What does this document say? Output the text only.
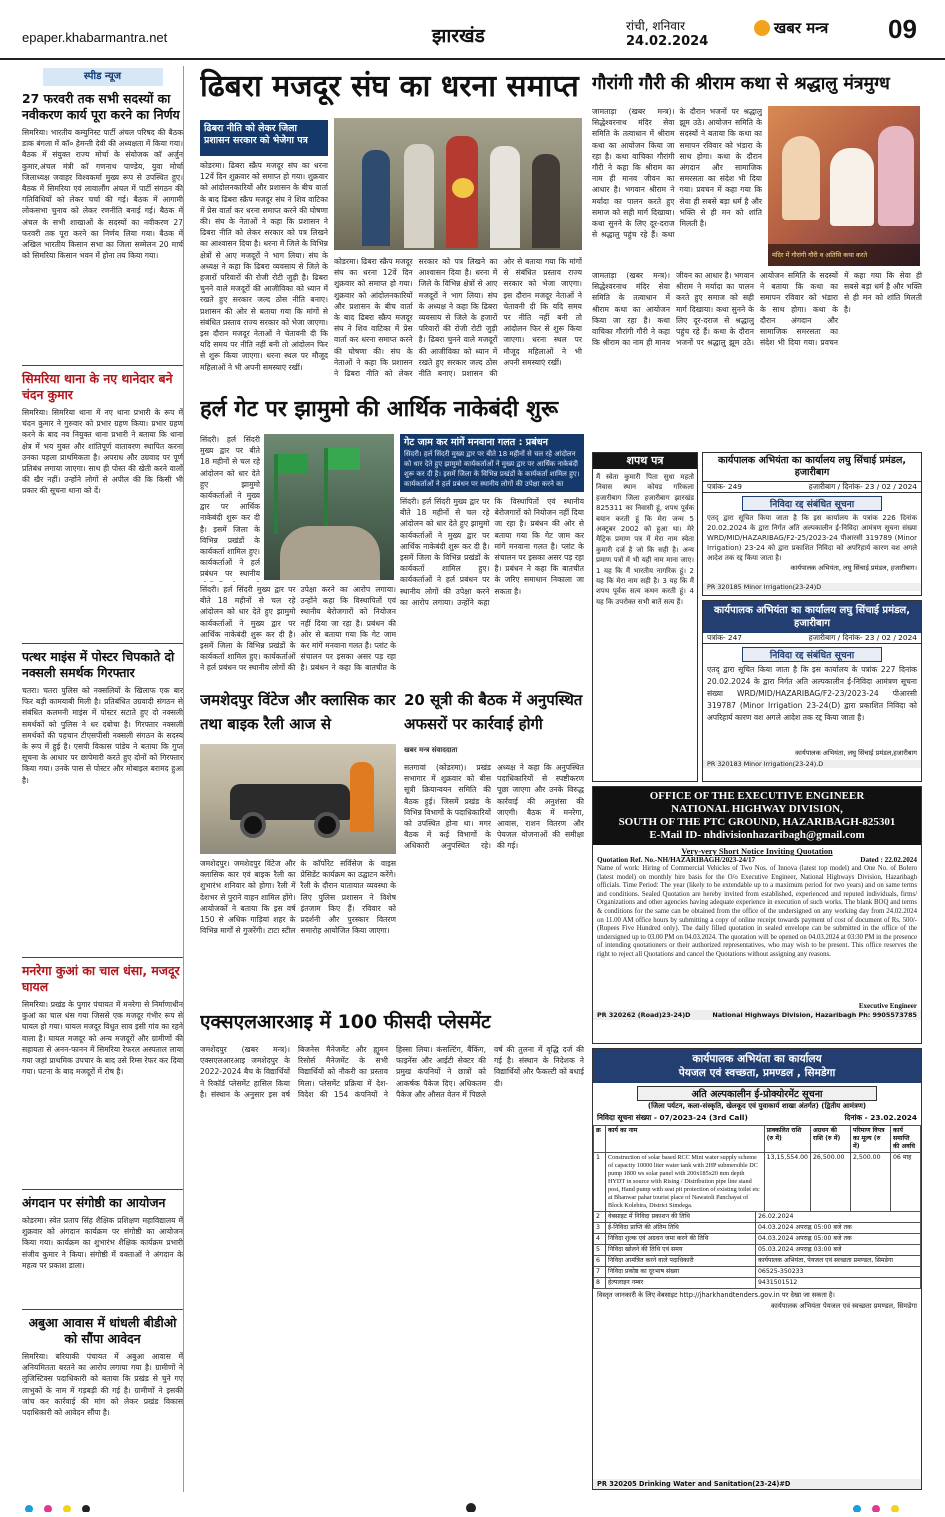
epaper.khabarmantra.net	झारखंड	रांची, शनिवार
24.02.2024
खबर मन्त्र 09
स्पीड न्यूज
27 फरवरी तक सभी सदस्यों का नवीकरण कार्य पूरा करने का निर्णय
सिमरिया। भारतीय कम्युनिस्ट पार्टी अंचल परिषद की बैठक डाक बंगला में कॉ० हेमन्ती देवी की अध्यक्षता में किया गया। बैठक में संयुक्त राज्य मोर्चा के संयोजक कॉ अर्जुन कुमार,अंचल मंत्री कॉ गणनाथ पाण्डेय, युवा मोर्चा जिलाध्यक्ष जवाहर विश्वकर्मा मुख्य रूप से उपस्थित हुए। बैठक में सिमरिया एवं लावालौंग अंचल में पार्टी संगठन की गतिविधियों को लेकर चर्चा की गई। बैठक में आगामी लोकसभा चुनाव को लेकर रणनीति बनाई गई। बैठक में अंचल के सभी शाखाओं के सदस्यों का नवीकरण 27 फरवरी तक पूरा करने का निर्णय लिया गया। बैठक में अखिल भारतीय किसान सभा का जिला सम्मेलन 20 मार्च को सिमरिया किसान भवन में होना तय किया गया।
सिमरिया थाना के नए थानेदार बने चंदन कुमार
सिमरिया। सिमरिया थाना में नए थाना प्रभारी के रूप में चंदन कुमार ने गुरुवार को प्रभार ग्रहण किया। प्रभार ग्रहण करने के बाद नव नियुक्त थाना प्रभारी ने बताया कि थाना क्षेत्र में भय मुक्त और शांतिपूर्ण वातावरण स्थापित करना उनका पहला प्राथमिकता है। अपराध और उग्रवाद पर पूर्ण प्रतिबंध लगाया जाएगा। साथ ही पोस्त की खेती करने वालों की खैर नहीं। उन्होंने लोगों से अपील की कि किसी भी प्रकार की सूचना थाना को दें।
पत्थर माइंस में पोस्टर चिपकाते दो नक्सली समर्थक गिरफ्तार
चतरा। चतरा पुलिस को नक्सलियों के खिलाफ एक बार फिर बड़ी कामयाबी मिली है। प्रतिबंधित उग्रवादी संगठन से संबंधित कलमनी माइंस में पोस्टर सटाते हुए दो नक्सली समर्थकों को पुलिस ने धर दबोचा है। गिरफ्तार नक्सली समर्थकों की पहचान टीएसपीसी नक्सली संगठन के सदस्य के रूप में हुई है। एसपी विकास पांडेय ने बताया कि गुप्त सूचना के आधार पर छापेमारी करते हुए दोनों को गिरफ्तार किया गया। उनके पास से पोस्टर और मोबाइल बरामद हुआ है।
मनरेगा कुआं का चाल धंसा, मजदूर घायल
सिमरिया। प्रखंड के पुगार पंचायत में मनरेगा से निर्माणाधीन कुआं का चाल धंस गया जिससे एक मजदूर गंभीर रूप से घायल हो गया। घायल मजदूर विधुत साव इसी गांव का रहने वाला है। घायल मजदूर को अन्य मजदूरों और ग्रामीणों की सहायता से अनन-फानन में सिमरिया रेफरल अस्पताल लाया गया जहां प्राथमिक उपचार के बाद उसे रिम्स रेफर कर दिया गया। घटना के बाद मजदूरों में रोष है।
अंगदान पर संगोष्ठी का आयोजन
कोडरमा। स्वेत प्रताप सिंह शैक्षिक प्रशिक्षण महाविद्यालय में शुक्रवार को अंगदान कार्यक्रम पर संगोष्ठी का आयोजन किया गया। कार्यक्रम का शुभारंभ शैक्षिक कार्यक्रम प्रभारी संजीव कुमार ने किया। संगोष्ठी में वक्ताओं ने अंगदान के महत्व पर प्रकाश डाला।
अबुआ आवास में धांधली बीडीओ को सौंपा आवेदन
सिमरिया। बरियाकी पंचायत में अबुआ आवास में अनियमितता बरतने का आरोप लगाया गया है। ग्रामीणों ने लुजिस्टिक्स पदाधिकारी को बताया कि प्रखंड से चुने गए लाभुकों के नाम में गड़बड़ी की गई है। ग्रामीणों ने इसकी जांच कर कार्रवाई की मांग को लेकर प्रखंड विकास पदाधिकारी को आवेदन सौंपा है।
ढिबरा मजदूर संघ का धरना समाप्त
ढिबरा नीति को लेकर जिला प्रशासन सरकार को भेजेगा पत्र
कोडरमा। ढिबरा स्क्रैप मजदूर संघ का धरना 12वें दिन शुक्रवार को समाप्त हो गया। शुक्रवार को आंदोलनकारियों और प्रशासन के बीच वार्ता के बाद ढिबरा स्क्रैप मजदूर संघ ने शिव वाटिका में प्रेस वार्ता कर धरना समाप्त करने की घोषणा की। संघ के नेताओं ने कहा कि प्रशासन ने ढिबरा नीति को लेकर सरकार को पत्र लिखने का आश्वासन दिया है। धरना में जिले के विभिन्न क्षेत्रों से आए मजदूरों ने भाग लिया। संघ के अध्यक्ष ने कहा कि ढिबरा व्यवसाय से जिले के हजारों परिवारों की रोजी रोटी जुड़ी है। ढिबरा चुनने वाले मजदूरों की आजीविका को ध्यान में रखते हुए सरकार जल्द ठोस नीति बनाए। प्रशासन की ओर से बताया गया कि मांगों से संबंधित प्रस्ताव राज्य सरकार को भेजा जाएगा। इस दौरान मजदूर नेताओं ने चेतावनी दी कि यदि समय पर नीति नहीं बनी तो आंदोलन फिर से शुरू किया जाएगा। धरना स्थल पर मौजूद महिलाओं ने भी अपनी समस्याएं रखीं।
कोडरमा। ढिबरा स्क्रैप मजदूर संघ का धरना 12वें दिन शुक्रवार को समाप्त हो गया। शुक्रवार को आंदोलनकारियों और प्रशासन के बीच वार्ता के बाद ढिबरा स्क्रैप मजदूर संघ ने शिव वाटिका में प्रेस वार्ता कर धरना समाप्त करने की घोषणा की। संघ के नेताओं ने कहा कि प्रशासन ने ढिबरा नीति को लेकर सरकार को पत्र लिखने का आश्वासन दिया है। धरना में जिले के विभिन्न क्षेत्रों से आए मजदूरों ने भाग लिया। संघ के अध्यक्ष ने कहा कि ढिबरा व्यवसाय से जिले के हजारों परिवारों की रोजी रोटी जुड़ी है। ढिबरा चुनने वाले मजदूरों की आजीविका को ध्यान में रखते हुए सरकार जल्द ठोस नीति बनाए। प्रशासन की ओर से बताया गया कि मांगों से संबंधित प्रस्ताव राज्य सरकार को भेजा जाएगा। इस दौरान मजदूर नेताओं ने चेतावनी दी कि यदि समय पर नीति नहीं बनी तो आंदोलन फिर से शुरू किया जाएगा। धरना स्थल पर मौजूद महिलाओं ने भी अपनी समस्याएं रखीं।
गौरांगी गौरी की श्रीराम कथा से श्रद्धालु मंत्रमुग्ध
जामताड़ा (खबर मन्त्र)। सिद्धेश्वरनाथ मंदिर सेवा समिति के तत्वाधान में श्रीराम कथा का आयोजन किया जा रहा है। कथा वाचिका गौरांगी गौरी ने कहा कि श्रीराम का नाम ही मानव जीवन का आधार है। भगवान श्रीराम ने मर्यादा का पालन करते हुए समाज को सही मार्ग दिखाया। कथा सुनने के लिए दूर-दराज से श्रद्धालु पहुंच रहे हैं। कथा के दौरान भजनों पर श्रद्धालु झूम उठे। आयोजन समिति के सदस्यों ने बताया कि कथा का समापन रविवार को भंडारा के साथ होगा। कथा के दौरान अंगदान और सामाजिक समरसता का संदेश भी दिया गया। प्रवचन में कहा गया कि सेवा ही सबसे बड़ा धर्म है और भक्ति से ही मन को शांति मिलती है।
मंदिर में गौरांगी गौरी व अतिथि कथा करते
जामताड़ा (खबर मन्त्र)। सिद्धेश्वरनाथ मंदिर सेवा समिति के तत्वाधान में श्रीराम कथा का आयोजन किया जा रहा है। कथा वाचिका गौरांगी गौरी ने कहा कि श्रीराम का नाम ही मानव जीवन का आधार है। भगवान श्रीराम ने मर्यादा का पालन करते हुए समाज को सही मार्ग दिखाया। कथा सुनने के लिए दूर-दराज से श्रद्धालु पहुंच रहे हैं। कथा के दौरान भजनों पर श्रद्धालु झूम उठे। आयोजन समिति के सदस्यों ने बताया कि कथा का समापन रविवार को भंडारा के साथ होगा। कथा के दौरान अंगदान और सामाजिक समरसता का संदेश भी दिया गया। प्रवचन में कहा गया कि सेवा ही सबसे बड़ा धर्म है और भक्ति से ही मन को शांति मिलती है।
हर्ल गेट पर झामुमो की आर्थिक नाकेबंदी शुरू
सिंदरी। हर्ल सिंदरी मुख्य द्वार पर बीते 18 महीनों से चल रहे आंदोलन को धार देते हुए झामुमो कार्यकर्ताओं ने मुख्य द्वार पर आर्थिक नाकेबंदी शुरू कर दी है। इसमें जिला के विभिन्न प्रखंडों के कार्यकर्ता शामिल हुए। कार्यकर्ताओं ने हर्ल प्रबंधन पर स्थानीय
सिंदरी। हर्ल सिंदरी मुख्य द्वार पर बीते 18 महीनों से चल रहे आंदोलन को धार देते हुए झामुमो कार्यकर्ताओं ने मुख्य द्वार पर आर्थिक नाकेबंदी शुरू कर दी है। इसमें जिला के विभिन्न प्रखंडों के कार्यकर्ता शामिल हुए। कार्यकर्ताओं ने हर्ल प्रबंधन पर स्थानीय लोगों की उपेक्षा करने का आरोप लगाया। उन्होंने कहा कि विस्थापितों एवं स्थानीय बेरोजगारों को नियोजन नहीं दिया जा रहा है। प्रबंधन की ओर से बताया गया कि गेट जाम कर मांगें मनवाना गलत है। प्लांट के संचालन पर इसका असर पड़ रहा है। प्रबंधन ने कहा कि बातचीत के
गेट जाम कर मांगें मनवाना गलत : प्रबंधन
सिंदरी। हर्ल सिंदरी मुख्य द्वार पर बीते 18 महीनों से चल रहे आंदोलन को धार देते हुए झामुमो कार्यकर्ताओं ने मुख्य द्वार पर आर्थिक नाकेबंदी शुरू कर दी है। इसमें जिला के विभिन्न प्रखंडों के कार्यकर्ता शामिल हुए। कार्यकर्ताओं ने हर्ल प्रबंधन पर स्थानीय लोगों की उपेक्षा करने का
सिंदरी। हर्ल सिंदरी मुख्य द्वार पर बीते 18 महीनों से चल रहे आंदोलन को धार देते हुए झामुमो कार्यकर्ताओं ने मुख्य द्वार पर आर्थिक नाकेबंदी शुरू कर दी है। इसमें जिला के विभिन्न प्रखंडों के कार्यकर्ता शामिल हुए। कार्यकर्ताओं ने हर्ल प्रबंधन पर स्थानीय लोगों की उपेक्षा करने का आरोप लगाया। उन्होंने कहा कि विस्थापितों एवं स्थानीय बेरोजगारों को नियोजन नहीं दिया जा रहा है। प्रबंधन की ओर से बताया गया कि गेट जाम कर मांगें मनवाना गलत है। प्लांट के संचालन पर इसका असर पड़ रहा है। प्रबंधन ने कहा कि बातचीत के जरिए समाधान निकाला जा सकता है।
जमशेदपुर विंटेज और क्लासिक कार तथा बाइक रैली आज से
जमशेदपुर। जमशेदपुर विंटेज और क्लासिक कार एवं बाइक रैली का शुभारंभ शनिवार को होगा। रैली में देशभर से पुराने वाहन शामिल होंगे। आयोजकों ने बताया कि इस वर्ष 150 से अधिक गाड़ियां शहर के विभिन्न मार्गों से गुजरेंगी। टाटा स्टील के कॉर्पोरेट सर्विसेज के वाइस प्रेसिडेंट कार्यक्रम का उद्घाटन करेंगे। रैली के दौरान यातायात व्यवस्था के लिए पुलिस प्रशासन ने विशेष इंतजाम किए हैं। रविवार को प्रदर्शनी और पुरस्कार वितरण समारोह आयोजित किया जाएगा।
20 सूत्री की बैठक में अनुपस्थित अफसरों पर कार्रवाई होगी
खबर मन्त्र संवाददाता
सतगावां (कोडरमा)। प्रखंड सभागार में शुक्रवार को बीस सूत्री क्रियान्वयन समिति की बैठक हुई। जिसमें प्रखंड के विभिन्न विभागों के पदाधिकारियों को उपस्थित होना था। मगर बैठक में कई विभागों के अधिकारी अनुपस्थित रहे। अध्यक्ष ने कहा कि अनुपस्थित पदाधिकारियों से स्पष्टीकरण पूछा जाएगा और उनके विरुद्ध कार्रवाई की अनुशंसा की जाएगी। बैठक में मनरेगा, आवास, राशन वितरण और पेयजल योजनाओं की समीक्षा की गई।
एक्सएलआरआइ में 100 फीसदी प्लेसमेंट
जमशेदपुर (खबर मन्त्र)। एक्सएलआरआइ जमशेदपुर के 2022-2024 बैच के विद्यार्थियों ने रिकॉर्ड प्लेसमेंट हासिल किया है। संस्थान के अनुसार इस वर्ष बिजनेस मैनेजमेंट और ह्यूमन रिसोर्स मैनेजमेंट के सभी विद्यार्थियों को नौकरी का प्रस्ताव मिला। प्लेसमेंट प्रक्रिया में देश-विदेश की 154 कंपनियों ने हिस्सा लिया। कंसल्टिंग, बैंकिंग, फाइनेंस और आईटी सेक्टर की प्रमुख कंपनियों ने छात्रों को आकर्षक पैकेज दिए। अधिकतम पैकेज और औसत वेतन में पिछले वर्ष की तुलना में वृद्धि दर्ज की गई है। संस्थान के निदेशक ने विद्यार्थियों और फैकल्टी को बधाई दी।
शपथ पत्र
मैं स्वेता कुमारी पिता सुधा महतो निवास स्थान कोयड गरिकला हजारीबाग जिला हजारीबाग झारखंड 825311 का निवासी हूं, शपथ पूर्वक बयान करती हूं कि मेरा जन्म 5 अक्टूबर 2002 को हुआ था। मेरे मैट्रिक प्रमाण पत्र में मेरा नाम स्वेता कुमारी दर्ज है जो कि सही है। अन्य प्रमाण पत्रों में भी यही नाम माना जाए। 1 यह कि मैं भारतीय नागरिक हूं। 2 यह कि मेरा नाम सही है। 3 यह कि मैं शपथ पूर्वक सत्य कथन करती हूं। 4 यह कि उपरोक्त सभी बातें सत्य हैं।
कार्यपालक अभियंता का कार्यालय लघु सिंचाई प्रमंडल, हजारीबाग
पत्रांक- 249	हजारीबाग / दिनांक- 23 / 02 / 2024
निविदा रद्द संबंधित सूचना
एतद् द्वारा सूचित किया जाता है कि इस कार्यालय के पत्रांक 226 दिनांक 20.02.2024 के द्वारा निर्गत अति अल्पकालीन ई-निविदा आमंत्रण सूचना संख्या WRD/MID/HAZARIBAG/F2-25/2023-24 पीआरसी 319789 (Minor Irrigation) 23-24 को द्वारा प्रकाशित निविदा को अपरिहार्य कारण वश अगले आदेश तक रद्द किया जाता है।
कार्यपालक अभियंता, लघु सिंचाई प्रमंडल, हजारीबाग।
PR 320185 Minor Irrigation(23-24)D
कार्यपालक अभियंता का कार्यालय लघु सिंचाई प्रमंडल, हजारीबाग
पत्रांक- 247	हजारीबाग / दिनांक- 23 / 02 / 2024
निविदा रद्द संबंधित सूचना
एतद् द्वारा सूचित किया जाता है कि इस कार्यालय के पत्रांक 227 दिनांक 20.02.2024 के द्वारा निर्गत अति अल्पकालीन ई-निविदा आमंत्रण सूचना संख्या WRD/MID/HAZARIBAG/F2-23/2023-24 पीआरसी 319787 (Minor Irrigation 23-24(D) द्वारा प्रकाशित निविदा को अपरिहार्य कारण वश अगले आदेश तक रद्द किया जाता है।
कार्यपालक अभियंता, लघु सिंचाई प्रमंडल,हजारीबाग
PR 320183 Minor Irrigation(23-24).D
OFFICE OF THE EXECUTIVE ENGINEER
NATIONAL HIGHWAY DIVISION,
SOUTH OF THE PTC GROUND, HAZARIBAGH-825301
E-Mail ID- nhdivisionhazaribagh@gmail.com
Very-very Short Notice Inviting Quotation
Quotation Ref. No.-NH/HAZARIBAGH/2023-24/17	Dated : 22.02.2024
Name of work: Hiring of Commercial Vehicles of Two Nos. of Innova (latest top model) and One No. of Bolero (latest model) on monthly hire basis for the O/o Executive Engineer, National Highways Division, Hazaribagh officials. Time Period: The year (likely to be extendable up to a maximum period for two years) and on same terms and conditions. Sealed Quotation are hereby invited from established, experienced and reputed individuals, firms/ Organizations and other agencies having adequate experience in execution of such works. The blank BOQ and terms & conditions for the same can be obtained from the office of the undersigned on any working day from 24.02.2024 on 11.00 AM office hours by submitting a copy of online receipt towards payment of cost of document of Rs. 500/- (Rupees Five Hundred only). The daily filled quotation in sealed envelope can be submitted in the office of the undersigned up to 03.00 PM on 04.03.2024. The quotation will be opened on 04.03.2024 at 03:30 PM in the presence of intending quotationers or their authorized representatives, who may wish to be present. This office reserves the right to reject all Quotations and cancel the Quotations without assigning any reasons.
Executive Engineer
PR 320262 (Road)23-24)D	National Highways Division, Hazaribagh Ph: 9905573785
कार्यपालक अभियंता का कार्यालय
पेयजल एवं स्वच्छता, प्रमण्डल , सिमडेगा
अति अल्पकालीन ई-प्रोक्योरमेंट सूचना
(जिला पर्यटन, कला-संस्कृति, खेलकूद एवं युवाकार्य शाखा अंतर्गत) (द्वितीय आमंत्रण)
निविदा सूचना संख्या - 07/2023-24 (3rd Call)	दिनांक - 23.02.2024
क्र	कार्य का नाम	प्राक्कलित राशि (रु में)	अग्रधन की राशि (रु में)	परिमाण विपत्र का मूल्य (रु में)	कार्य समाप्ति की अवधि
1	Construction of solar based RCC Mini water supply scheme of capacity 10000 liter water tank with 2HP submersible DC pump 1800 ws solar panel with 200x185x20 mm depth HYDT in source with Rising / Distribution pipe line stand post, Hand pump with seat pit protection of existing toilet etc at Bhanwar pahar tourist place of Nawatoli Panchayat of Block Kolebira, District Simdega.	13,15,554.00	26,500.00	2,500.00	06 माह
2	वेबसाइट में निविदा प्रकाशन की तिथि	26.02.2024
3	ई-निविदा प्राप्ति की अंतिम तिथि	04.03.2024 अपराह्न 05:00 बजे तक
4	निविदा शुल्क एवं अग्रधन जमा करने की तिथि	04.03.2024 अपराह्न 05:00 बजे तक
5	निविदा खोलने की तिथि एवं समय	05.03.2024 अपराह्न 03:00 बजे
6	निविदा आमंत्रित करने वाले पदाधिकारी	कार्यपालक अभियंता, पेयजल एवं स्वच्छता प्रमण्डल, सिमडेगा
7	निविदा प्रकोष्ठ का दूरभाष संख्या	06525-350233
8	हेल्पलाइन नम्बर	9431501512
विस्तृत जानकारी के लिए वेबसाइट http://jharkhandtenders.gov.in पर देखा जा सकता है।
कार्यपालक अभियंता पेयजल एवं स्वच्छता प्रमण्डल, सिमडेगा
PR 320205 Drinking Water and Sanitation(23-24)#D
